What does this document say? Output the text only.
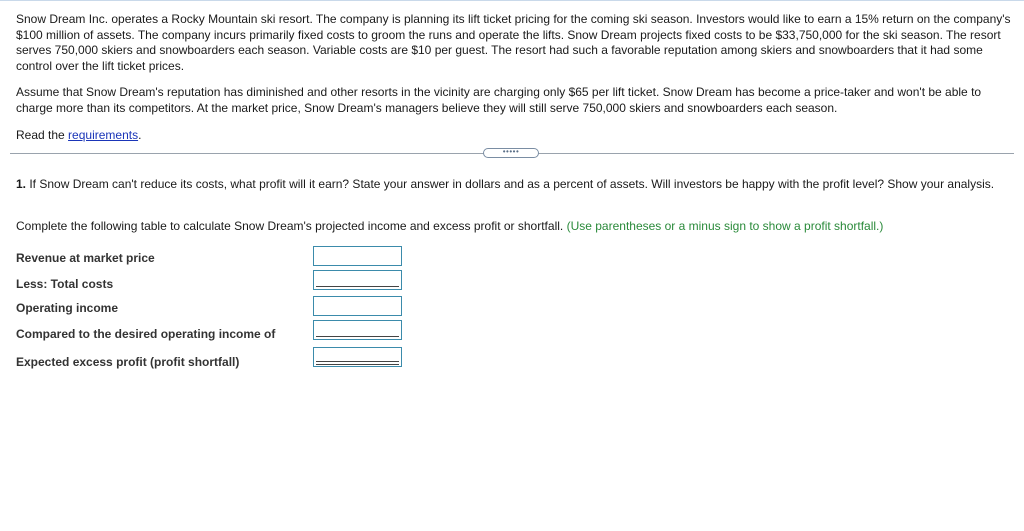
Snow Dream Inc. operates a Rocky Mountain ski resort. The company is planning its lift ticket pricing for the coming ski season. Investors would like to earn a 15% return on the company's $100 million of assets. The company incurs primarily fixed costs to groom the runs and operate the lifts. Snow Dream projects fixed costs to be $33,750,000 for the ski season. The resort serves 750,000 skiers and snowboarders each season. Variable costs are $10 per guest. The resort had such a favorable reputation among skiers and snowboarders that it had some control over the lift ticket prices.

Assume that Snow Dream's reputation has diminished and other resorts in the vicinity are charging only $65 per lift ticket. Snow Dream has become a price-taker and won't be able to charge more than its competitors. At the market price, Snow Dream's managers believe they will still serve 750,000 skiers and snowboarders each season.

Read the requirements.

•••••

1. If Snow Dream can't reduce its costs, what profit will it earn? State your answer in dollars and as a percent of assets. Will investors be happy with the profit level? Show your analysis.

Complete the following table to calculate Snow Dream's projected income and excess profit or shortfall. (Use parentheses or a minus sign to show a profit shortfall.)

Revenue at market price
Less: Total costs
Operating income
Compared to the desired operating income of
Expected excess profit (profit shortfall)
